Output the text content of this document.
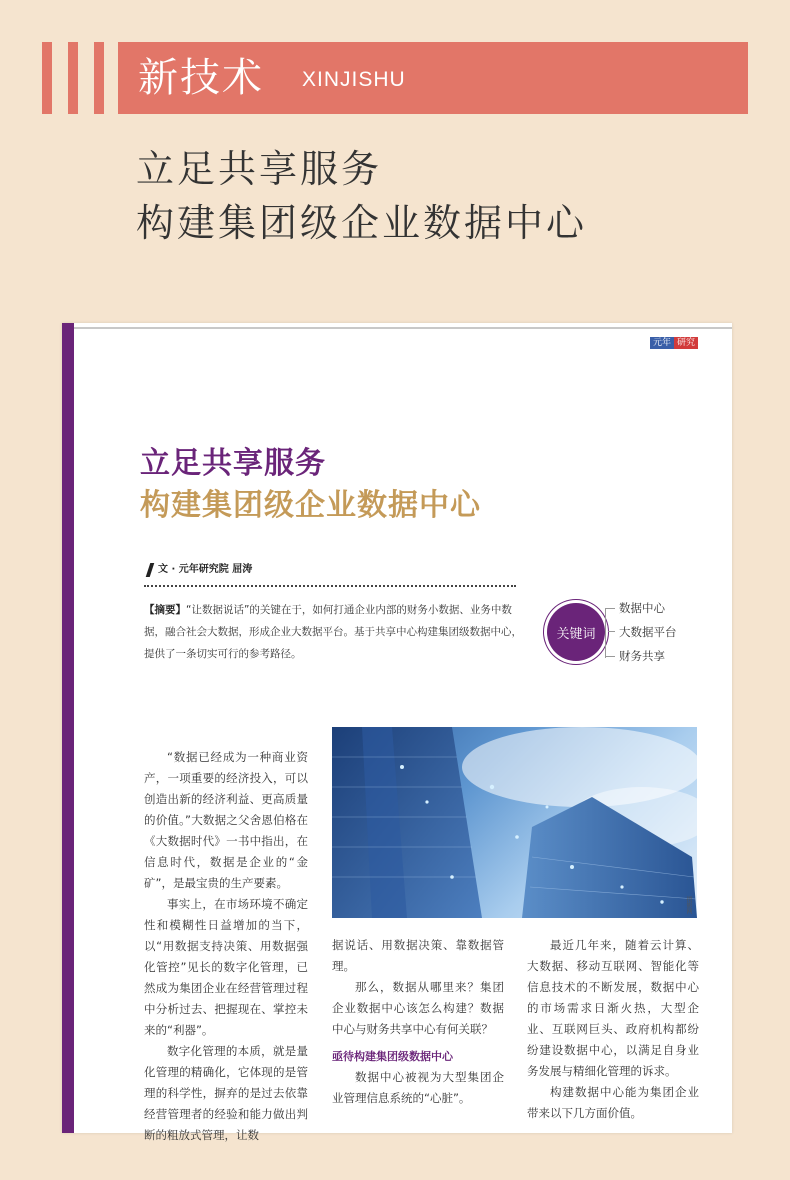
新技术 XINJISHU
立足共享服务
构建集团级企业数据中心
元年 研究
立足共享服务
构建集团级企业数据中心
文 · 元年研究院 屈涛
【摘要】“让数据说话”的关键在于，如何打通企业内部的财务小数据、业务中数据，融合社会大数据，形成企业大数据平台。基于共享中心构建集团级数据中心，提供了一条切实可行的参考路径。
关键词
数据中心
大数据平台
财务共享
摄影网

“数据已经成为一种商业资产，一项重要的经济投入，可以创造出新的经济利益、更高质量的价值。”大数据之父舍恩伯格在《大数据时代》一书中指出，在信息时代，数据是企业的“金矿”，是最宝贵的生产要素。

事实上，在市场环境不确定性和模糊性日益增加的当下，以“用数据支持决策、用数据强化管控”见长的数字化管理，已然成为集团企业在经营管理过程中分析过去、把握现在、掌控未来的“利器”。

数字化管理的本质，就是量化管理的精确化，它体现的是管理的科学性，摒弃的是过去依靠经营管理者的经验和能力做出判断的粗放式管理，让数

据说话、用数据决策、靠数据管理。

那么，数据从哪里来？集团企业数据中心该怎么构建？数据中心与财务共享中心有何关联？

亟待构建集团级数据中心

数据中心被视为大型集团企业管理信息系统的“心脏”。

最近几年来，随着云计算、大数据、移动互联网、智能化等信息技术的不断发展，数据中心的市场需求日渐火热，大型企业、互联网巨头、政府机构都纷纷建设数据中心，以满足自身业务发展与精细化管理的诉求。

构建数据中心能为集团企业带来以下几方面价值。
